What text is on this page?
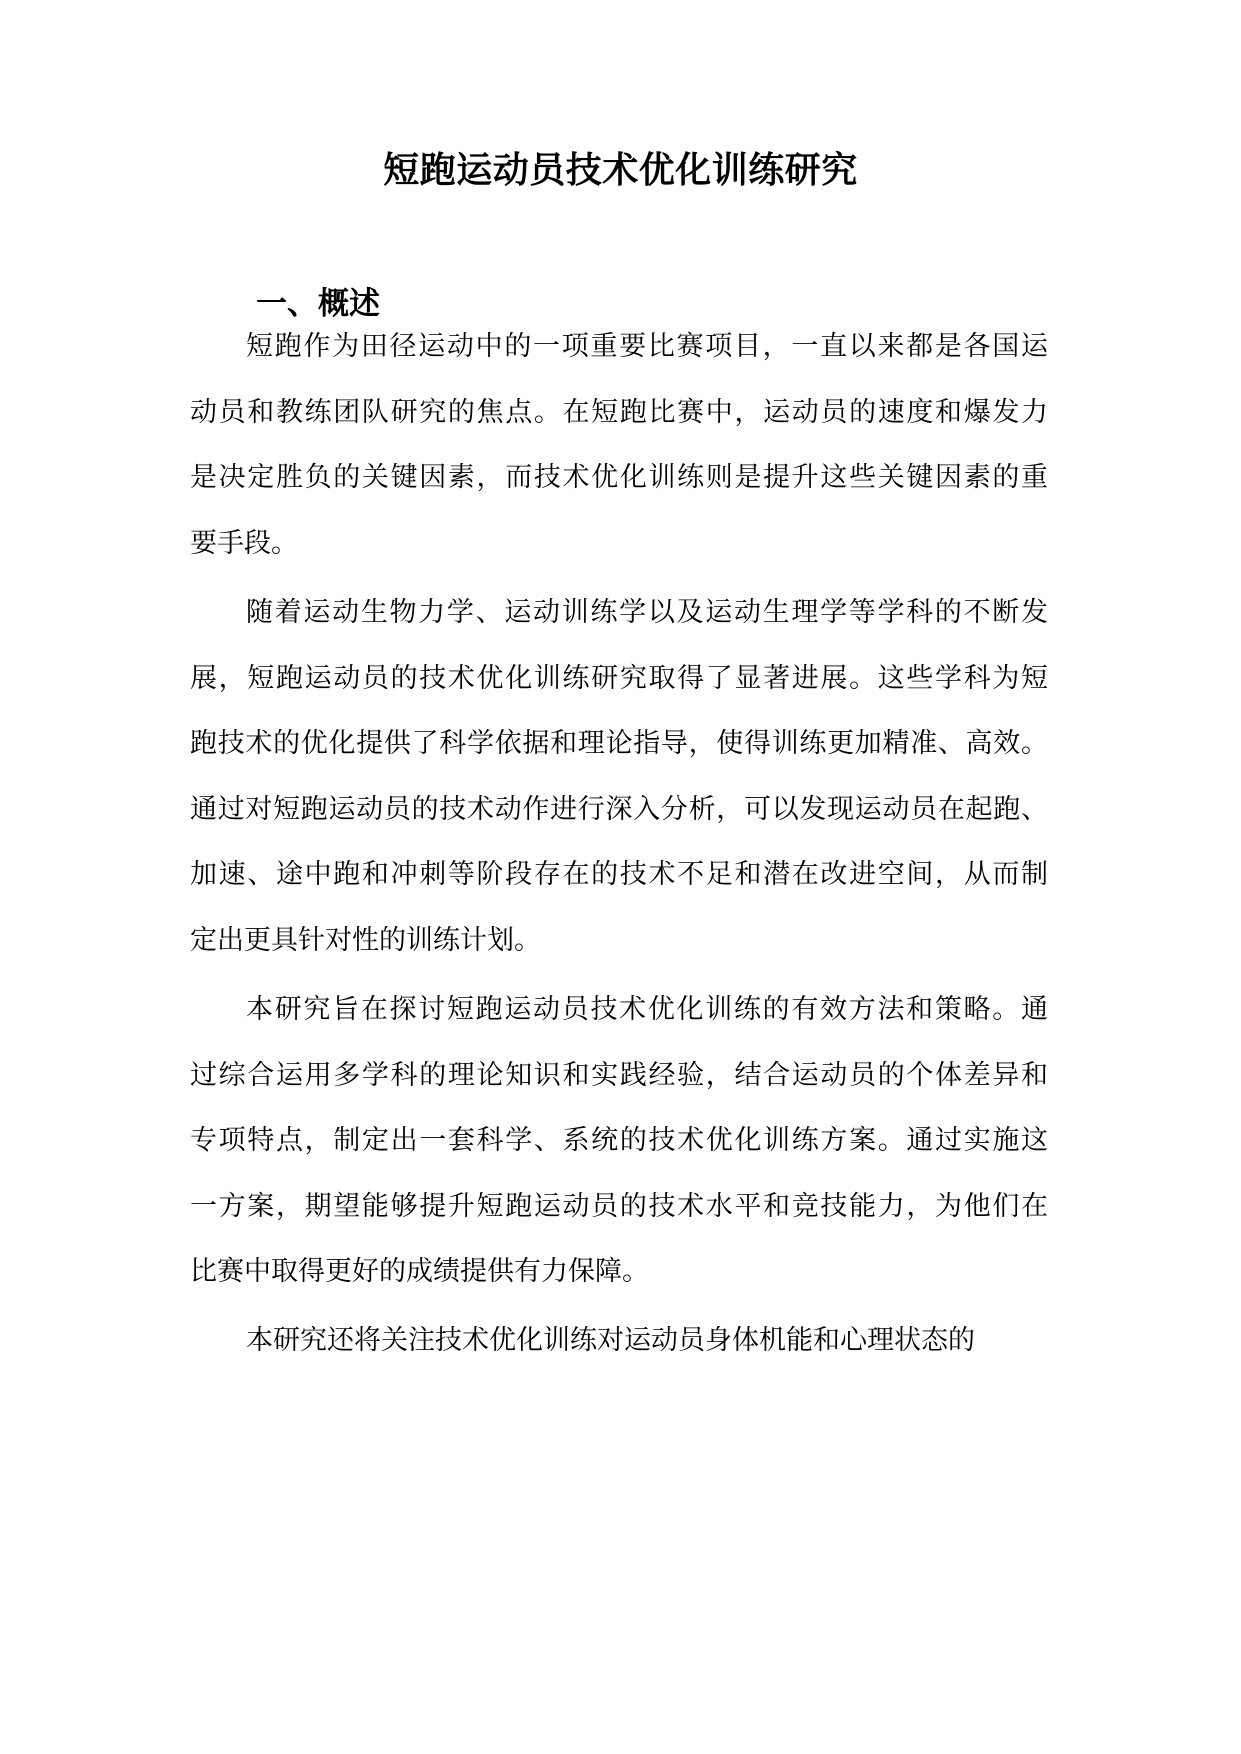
短跑运动员技术优化训练研究
一、概述
短跑作为田径运动中的一项重要比赛项目，一直以来都是各国运
动员和教练团队研究的焦点。在短跑比赛中，运动员的速度和爆发力
是决定胜负的关键因素，而技术优化训练则是提升这些关键因素的重
要手段。
随着运动生物力学、运动训练学以及运动生理学等学科的不断发
展，短跑运动员的技术优化训练研究取得了显著进展。这些学科为短
跑技术的优化提供了科学依据和理论指导，使得训练更加精准、高效。
通过对短跑运动员的技术动作进行深入分析，可以发现运动员在起跑、
加速、途中跑和冲刺等阶段存在的技术不足和潜在改进空间，从而制
定出更具针对性的训练计划。
本研究旨在探讨短跑运动员技术优化训练的有效方法和策略。通
过综合运用多学科的理论知识和实践经验，结合运动员的个体差异和
专项特点，制定出一套科学、系统的技术优化训练方案。通过实施这
一方案，期望能够提升短跑运动员的技术水平和竞技能力，为他们在
比赛中取得更好的成绩提供有力保障。
本研究还将关注技术优化训练对运动员身体机能和心理状态的
